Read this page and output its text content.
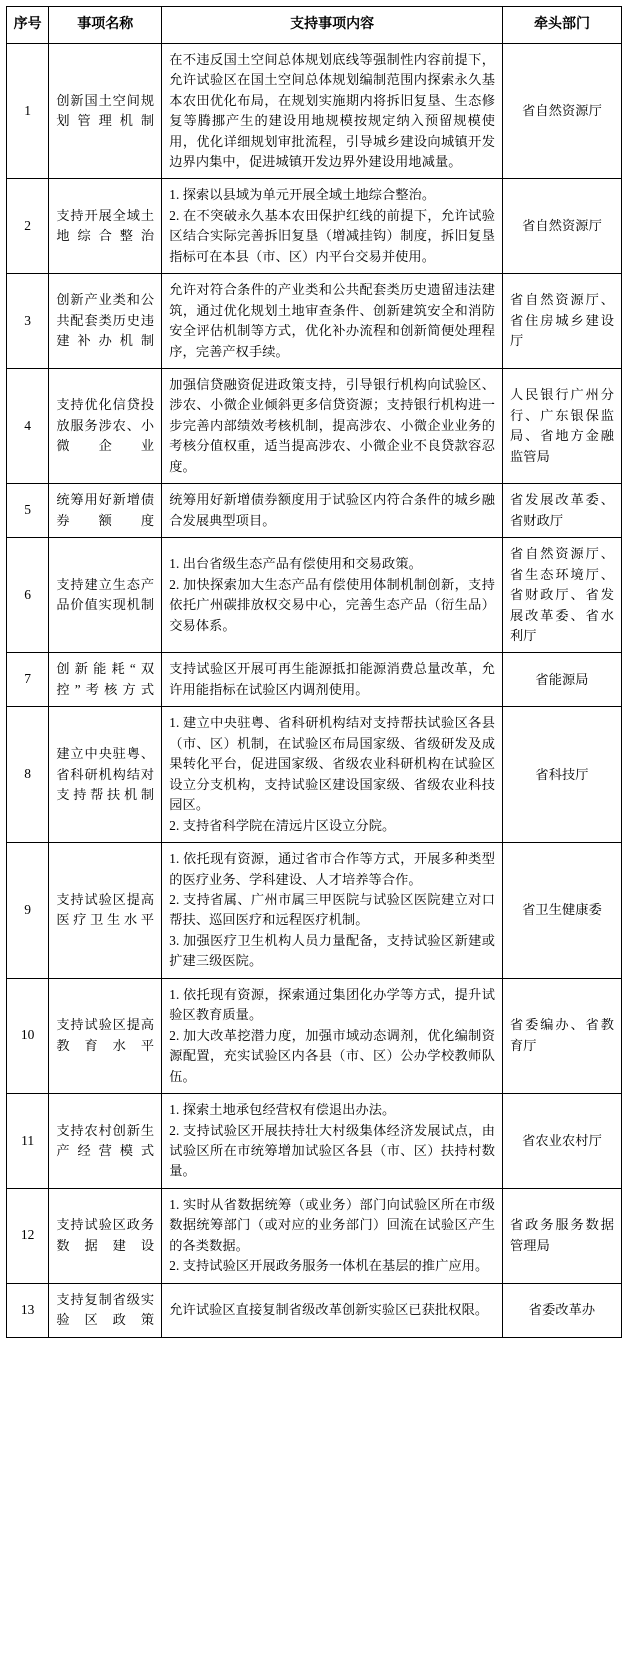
序号	事项名称	支持事项内容	牵头部门
1	创新国土空间规划管理机制	在不违反国土空间总体规划底线等强制性内容前提下，允许试验区在国土空间总体规划编制范围内探索永久基本农田优化布局，在规划实施期内将拆旧复垦、生态修复等腾挪产生的建设用地规模按规定纳入预留规模使用，优化详细规划审批流程，引导城乡建设向城镇开发边界内集中，促进城镇开发边界外建设用地减量。	省自然资源厅
2	支持开展全域土地综合整治	1. 探索以县域为单元开展全域土地综合整治。
2. 在不突破永久基本农田保护红线的前提下，允许试验区结合实际完善拆旧复垦（增减挂钩）制度，拆旧复垦指标可在本县（市、区）内平台交易并使用。	省自然资源厅
3	创新产业类和公共配套类历史违建补办机制	允许对符合条件的产业类和公共配套类历史遗留违法建筑，通过优化规划土地审查条件、创新建筑安全和消防安全评估机制等方式，优化补办流程和创新简便处理程序，完善产权手续。	省自然资源厅、省住房城乡建设厅
4	支持优化信贷投放服务涉农、小微企业	加强信贷融资促进政策支持，引导银行机构向试验区、涉农、小微企业倾斜更多信贷资源；支持银行机构进一步完善内部绩效考核机制，提高涉农、小微企业业务的考核分值权重，适当提高涉农、小微企业不良贷款容忍度。	人民银行广州分行、广东银保监局、省地方金融监管局
5	统筹用好新增债券额度	统筹用好新增债券额度用于试验区内符合条件的城乡融合发展典型项目。	省发展改革委、省财政厅
6	支持建立生态产品价值实现机制	1. 出台省级生态产品有偿使用和交易政策。
2. 加快探索加大生态产品有偿使用体制机制创新，支持依托广州碳排放权交易中心，完善生态产品（衍生品）交易体系。	省自然资源厅、省生态环境厅、省财政厅、省发展改革委、省水利厅
7	创新能耗“双控”考核方式	支持试验区开展可再生能源抵扣能源消费总量改革，允许用能指标在试验区内调剂使用。	省能源局
8	建立中央驻粤、省科研机构结对支持帮扶机制	1. 建立中央驻粤、省科研机构结对支持帮扶试验区各县（市、区）机制，在试验区布局国家级、省级研发及成果转化平台，促进国家级、省级农业科研机构在试验区设立分支机构，支持试验区建设国家级、省级农业科技园区。
2. 支持省科学院在清远片区设立分院。	省科技厅
9	支持试验区提高医疗卫生水平	1. 依托现有资源，通过省市合作等方式，开展多种类型的医疗业务、学科建设、人才培养等合作。
2. 支持省属、广州市属三甲医院与试验区医院建立对口帮扶、巡回医疗和远程医疗机制。
3. 加强医疗卫生机构人员力量配备，支持试验区新建或扩建三级医院。	省卫生健康委
10	支持试验区提高教育水平	1. 依托现有资源，探索通过集团化办学等方式，提升试验区教育质量。
2. 加大改革挖潜力度，加强市域动态调剂，优化编制资源配置，充实试验区内各县（市、区）公办学校教师队伍。	省委编办、省教育厅
11	支持农村创新生产经营模式	1. 探索土地承包经营权有偿退出办法。
2. 支持试验区开展扶持壮大村级集体经济发展试点，由试验区所在市统筹增加试验区各县（市、区）扶持村数量。	省农业农村厅
12	支持试验区政务数据建设	1. 实时从省数据统筹（或业务）部门向试验区所在市级数据统筹部门（或对应的业务部门）回流在试验区产生的各类数据。
2. 支持试验区开展政务服务一体机在基层的推广应用。	省政务服务数据管理局
13	支持复制省级实验区政策	允许试验区直接复制省级改革创新实验区已获批权限。	省委改革办
